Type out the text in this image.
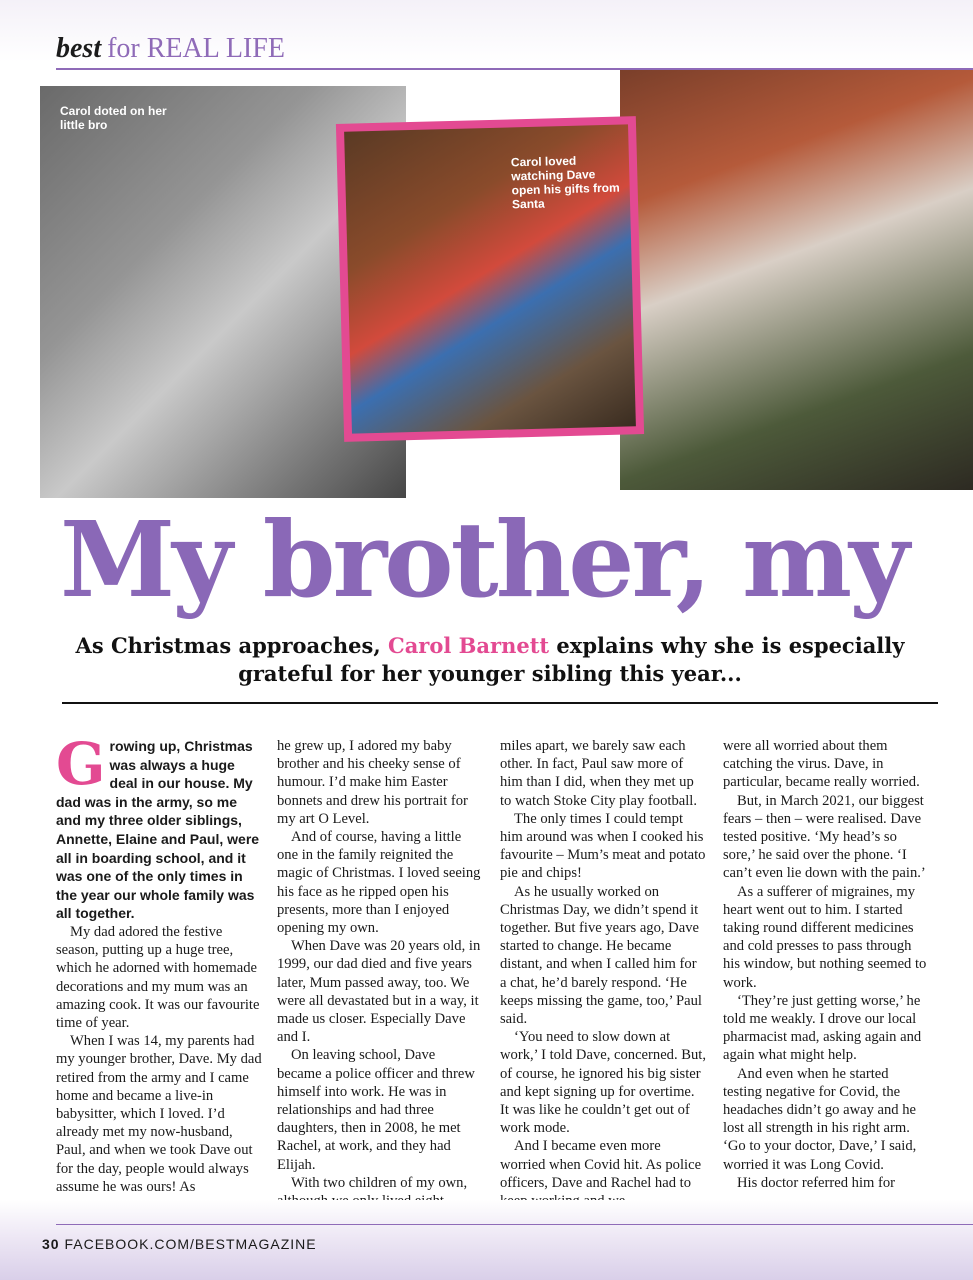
best for REAL LIFE
Carol doted on her little bro
Carol loved watching Dave open his gifts from Santa
My brother, my
As Christmas approaches, Carol Barnett explains why she is especially grateful for her younger sibling this year...

Growing up, Christmas was always a huge deal in our house. My dad was in the army, so me and my three older siblings, Annette, Elaine and Paul, were all in boarding school, and it was one of the only times in the year our whole family was all together.

My dad adored the festive season, putting up a huge tree, which he adorned with homemade decorations and my mum was an amazing cook. It was our favourite time of year.

When I was 14, my parents had my younger brother, Dave. My dad retired from the army and I came home and became a live-in babysitter, which I loved. I’d already met my now-husband, Paul, and when we took Dave out for the day, people would always assume he was ours! As

he grew up, I adored my baby brother and his cheeky sense of humour. I’d make him Easter bonnets and drew his portrait for my art O Level.

And of course, having a little one in the family reignited the magic of Christmas. I loved seeing his face as he ripped open his presents, more than I enjoyed opening my own.

When Dave was 20 years old, in 1999, our dad died and five years later, Mum passed away, too. We were all devastated but in a way, it made us closer. Especially Dave and I.

On leaving school, Dave became a police officer and threw himself into work. He was in relationships and had three daughters, then in 2008, he met Rachel, at work, and they had Elijah.

With two children of my own,

miles apart, we barely saw each other. In fact, Paul saw more of him than I did, when they met up to watch Stoke City play football.

The only times I could tempt him around was when I cooked his favourite – Mum’s meat and potato pie and chips!

As he usually worked on Christmas Day, we didn’t spend it together. But five years ago, Dave started to change. He became distant, and when I called him for a chat, he’d barely respond. ‘He keeps missing the game, too,’ Paul said.

‘You need to slow down at work,’ I told Dave, concerned. But, of course, he ignored his big sister and kept signing up for overtime. It was like he couldn’t get out of work mode.

And I became even more worried when Covid hit. As police officers, Dave and Rachel had to

were all worried about them catching the virus. Dave, in particular, became really worried.

But, in March 2021, our biggest fears – then – were realised. Dave tested positive. ‘My head’s so sore,’ he said over the phone. ‘I can’t even lie down with the pain.’

As a sufferer of migraines, my heart went out to him. I started taking round different medicines and cold presses to pass through his window, but nothing seemed to work.

‘They’re just getting worse,’ he told me weakly. I drove our local pharmacist mad, asking again and again what might help.

And even when he started testing negative for Covid, the headaches didn’t go away and he lost all strength in his right arm. ‘Go to your doctor, Dave,’ I said, worried it was Long Covid.

His doctor referred him for

30 FACEBOOK.COM/BESTMAGAZINE
